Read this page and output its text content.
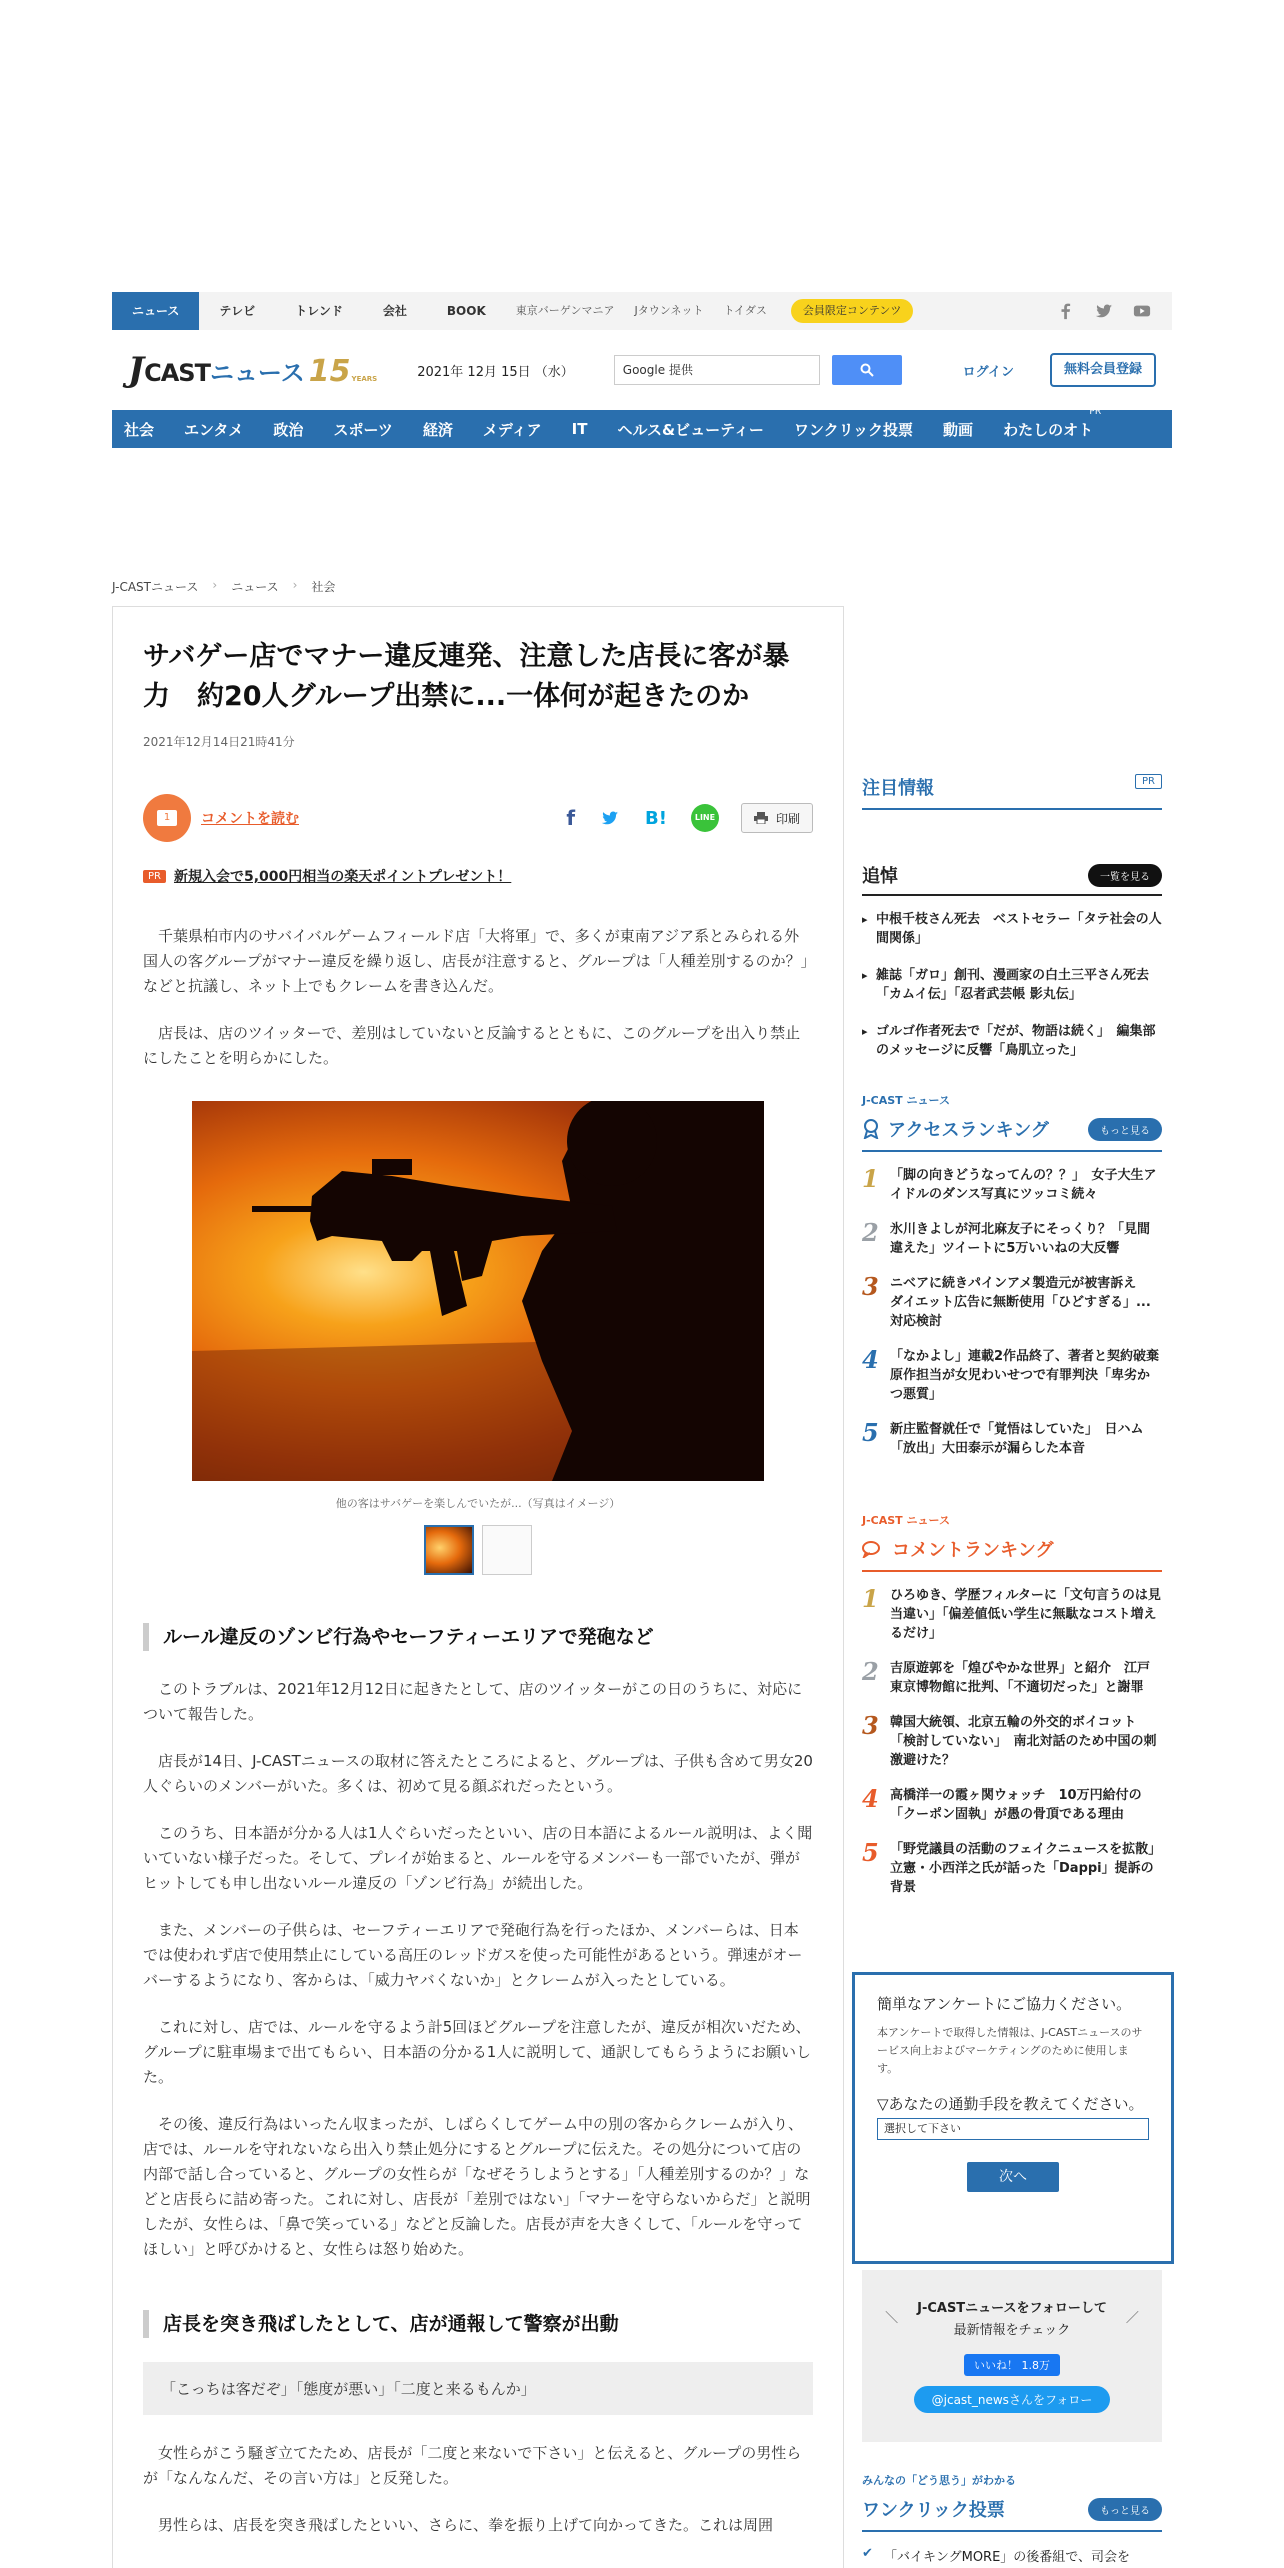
ニュース	テレビ	トレンド	会社	BOOK	東京バーゲンマニア	Jタウンネット	トイダス	会員限定コンテンツ
J CAST ニュース 15 YEARS	2021年 12月 15日 （水）	Google 提供	ログイン	無料会員登録
社会 エンタメ 政治 スポーツ 経済 メディア IT ヘルス&ビューティー ワンクリック投票 動画 わたしのオト
PR
J-CASTニュース › ニュース › 社会
サバゲー店でマナー違反連発、注意した店長に客が暴力　約20人グループ出禁に...一体何が起きたのか
2021年12月14日21時41分
1	コメントを読む	f	B!	LINE	印刷
PR 新規入会で5,000円相当の楽天ポイントプレゼント！

千葉県柏市内のサバイバルゲームフィールド店「大将軍」で、多くが東南アジア系とみられる外国人の客グループがマナー違反を繰り返し、店長が注意すると、グループは「人種差別するのか？」などと抗議し、ネット上でもクレームを書き込んだ。

店長は、店のツイッターで、差別はしていないと反論するとともに、このグループを出入り禁止にしたことを明らかにした。

他の客はサバゲーを楽しんでいたが...（写真はイメージ）
ルール違反のゾンビ行為やセーフティーエリアで発砲など

このトラブルは、2021年12月12日に起きたとして、店のツイッターがこの日のうちに、対応について報告した。

店長が14日、J-CASTニュースの取材に答えたところによると、グループは、子供も含めて男女20人ぐらいのメンバーがいた。多くは、初めて見る顔ぶれだったという。

このうち、日本語が分かる人は1人ぐらいだったといい、店の日本語によるルール説明は、よく聞いていない様子だった。そして、プレイが始まると、ルールを守るメンバーも一部でいたが、弾がヒットしても申し出ないルール違反の「ゾンビ行為」が続出した。

また、メンバーの子供らは、セーフティーエリアで発砲行為を行ったほか、メンバーらは、日本では使われず店で使用禁止にしている高圧のレッドガスを使った可能性があるという。弾速がオーバーするようになり、客からは、「威力ヤバくないか」とクレームが入ったとしている。

これに対し、店では、ルールを守るよう計5回ほどグループを注意したが、違反が相次いだため、グループに駐車場まで出てもらい、日本語の分かる1人に説明して、通訳してもらうようにお願いした。

その後、違反行為はいったん収まったが、しばらくしてゲーム中の別の客からクレームが入り、店では、ルールを守れないなら出入り禁止処分にするとグループに伝えた。その処分について店の内部で話し合っていると、グループの女性らが「なぜそうしようとする」「人種差別するのか？」などと店長らに詰め寄った。これに対し、店長が「差別ではない」「マナーを守らないからだ」と説明したが、女性らは、「鼻で笑っている」などと反論した。店長が声を大きくして、「ルールを守ってほしい」と呼びかけると、女性らは怒り始めた。

店長を突き飛ばしたとして、店が通報して警察が出動
「こっちは客だぞ」「態度が悪い」「二度と来るもんか」

女性らがこう騒ぎ立てたため、店長が「二度と来ないで下さい」と伝えると、グループの男性らが「なんなんだ、その言い方は」と反発した。

男性らは、店長を突き飛ばしたといい、さらに、拳を振り上げて向かってきた。これは周囲

注目情報	PR
追悼	一覧を見る
▸ 中根千枝さん死去　ベストセラー「タテ社会の人間関係」
▸ 雑誌「ガロ」創刊、漫画家の白土三平さん死去　「カムイ伝」「忍者武芸帳 影丸伝」
▸ ゴルゴ作者死去で「だが、物語は続く」　編集部のメッセージに反響「鳥肌立った」
J-CAST ニュース
アクセスランキング	もっと見る
1 「脚の向きどうなってんの？？」　女子大生アイドルのダンス写真にツッコミ続々
2 氷川きよしが河北麻友子にそっくり？「見間違えた」ツイートに5万いいねの大反響
3 ニベアに続きパインアメ製造元が被害訴え　ダイエット広告に無断使用「ひどすぎる」...対応検討
4 「なかよし」連載2作品終了、著者と契約破棄　原作担当が女児わいせつで有罪判決「卑劣かつ悪質」
5 新庄監督就任で「覚悟はしていた」　日ハム「放出」大田泰示が漏らした本音
J-CAST ニュース
コメントランキング
1 ひろゆき、学歴フィルターに「文句言うのは見当違い」「偏差値低い学生に無駄なコスト増えるだけ」
2 吉原遊郭を「煌びやかな世界」と紹介　江戸東京博物館に批判、「不適切だった」と謝罪
3 韓国大統領、北京五輪の外交的ボイコット「検討していない」　南北対話のため中国の刺激避けた？
4 高橋洋一の霞ヶ関ウォッチ　10万円給付の「クーポン固執」が愚の骨頂である理由
5 「野党議員の活動のフェイクニュースを拡散」　立憲・小西洋之氏が話った「Dappi」提訴の背景
簡単なアンケートにご協力ください。
本アンケートで取得した情報は、J-CASTニュースのサービス向上およびマーケティングのために使用します。
▽あなたの通勤手段を教えてください。
選択して下さい
次へ
＼ J-CASTニュースをフォローして
最新情報をチェック
／
いいね！ 1.8万
@jcast_newsさんをフォロー
みんなの「どう思う」がわかる
ワンクリック投票	もっと見る
✔ 「バイキングMORE」の後番組で、司会を
